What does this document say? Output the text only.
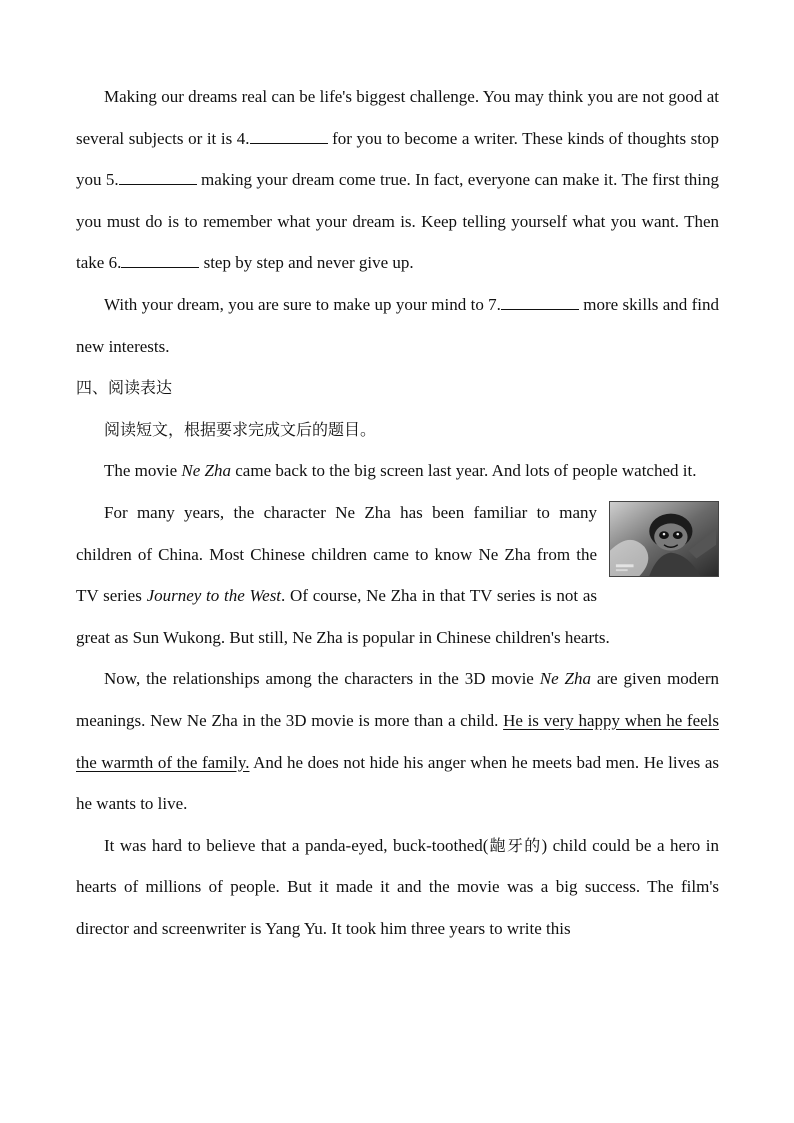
Making our dreams real can be life's biggest challenge. You may think you are not good at several subjects or it is 4.	for you to become a writer. These kinds of thoughts stop you 5.	making your dream come true. In fact, everyone can make it. The first thing you must do is to remember what your dream is. Keep telling yourself what you want. Then take 6.	step by step and never give up.

With your dream, you are sure to make up your mind to 7.	more skills and find new interests.

四、阅读表达

阅读短文，根据要求完成文后的题目。

The movie Ne Zha came back to the big screen last year. And lots of people watched it.

For many years, the character Ne Zha has been familiar to many children of China. Most Chinese children came to know Ne Zha from the TV series Journey to the West. Of course, Ne Zha in that TV series is not as great as Sun Wukong. But still, Ne Zha is popular in Chinese children's hearts.

Now, the relationships among the characters in the 3D movie Ne Zha are given modern meanings. New Ne Zha in the 3D movie is more than a child. He is very happy when he feels the warmth of the family. And he does not hide his anger when he meets bad men. He lives as he wants to live.

It was hard to believe that a panda-eyed, buck-toothed(龅牙的) child could be a hero in hearts of millions of people. But it made it and the movie was a big success. The film's director and screenwriter is Yang Yu. It took him three years to write this
